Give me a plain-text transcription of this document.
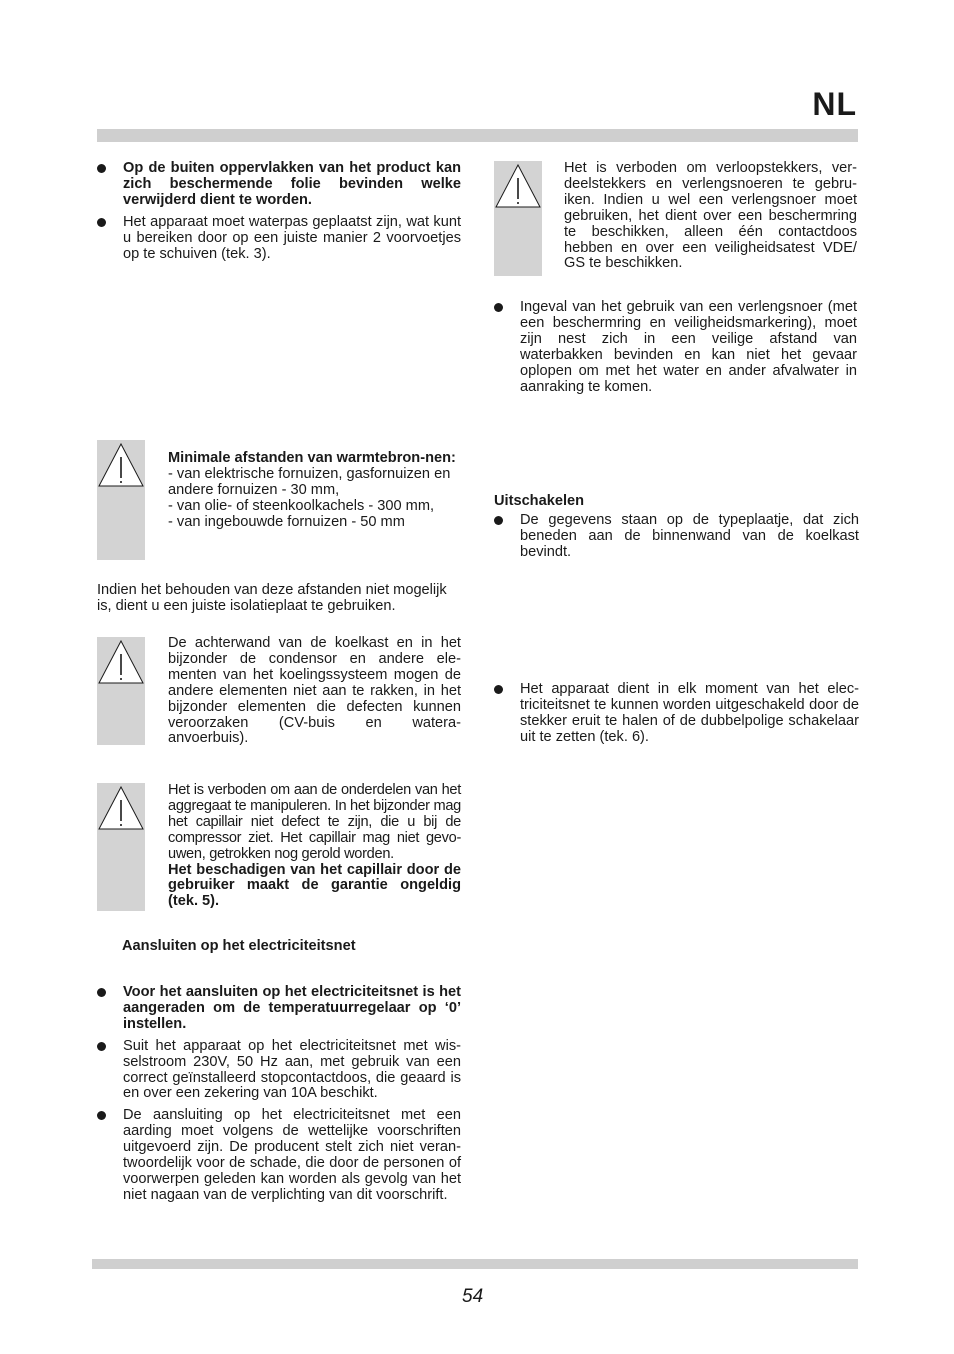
NL
Op de buiten oppervlakken van het product kan zich beschermende folie bevinden welke verwijderd dient te worden.
Het apparaat moet waterpas geplaatst zijn, wat kunt u bereiken door op een juiste manier 2 voorvoetjes op te schuiven (tek. 3).

Minimale afstanden van warmtebron-nen:

- van elektrische fornuizen, gasfornuizen en andere fornuizen - 30 mm,

- van olie- of steenkoolkachels - 300 mm,

- van ingebouwde fornuizen - 50 mm

Indien het behouden van deze afstanden niet mogelijk is, dient u een juiste isolatieplaat te gebruiken.
De achterwand van de koelkast en in het bijzonder de condensor en andere ele-menten van het koelingssysteem mogen de andere elementen niet aan te rakken, in het bijzonder elementen die defecten kunnen veroorzaken (CV-buis en watera-anvoerbuis).

Het is verboden om aan de onderdelen van het aggregaat te manipuleren. In het bijzonder mag het capillair niet defect te zijn, die u bij de compressor ziet. Het capillair mag niet gevo-uwen, getrokken nog gerold worden.

Het beschadigen van het capillair door de gebruiker maakt de garantie ongeldig (tek. 5).

Aansluiten op het electriciteitsnet
Voor het aansluiten op het electriciteitsnet is het aangeraden om de temperatuurregelaar op ‘0’ instellen.
Suit het apparaat op het electriciteitsnet met wis-selstroom 230V, 50 Hz aan, met gebruik van een correct geïnstalleerd stopcontactdoos, die geaard is en over een zekering van 10A beschikt.
De aansluiting op het electriciteitsnet met een aarding moet volgens de wettelijke voorschriften uitgevoerd zijn. De producent stelt zich niet veran-twoordelijk voor de schade, die door de personen of voorwerpen geleden kan worden als gevolg van het niet nagaan van de verplichting van dit voorschrift.
Het is verboden om verloopstekkers, ver-deelstekkers en verlengsnoeren te gebru-iken. Indien u wel een verlengsnoer moet gebruiken, het dient over een beschermring te beschikken, alleen één contactdoos hebben en over een veiligheidsatest VDE/ GS te beschikken.
Ingeval van het gebruik van een verlengsnoer (met een beschermring en veiligheidsmarkering), moet zijn nest zich in een veilige afstand van waterbakken bevinden en kan niet het gevaar oplopen om met het water en ander afvalwater in aanraking te komen.
De gegevens staan op de typeplaatje, dat zich beneden aan de binnenwand van de koelkast bevindt.
Uitschakelen
Het apparaat dient in elk moment van het elec-triciteitsnet te kunnen worden uitgeschakeld door de stekker eruit te halen of de dubbelpolige schakelaar uit te zetten (tek. 6).
54
